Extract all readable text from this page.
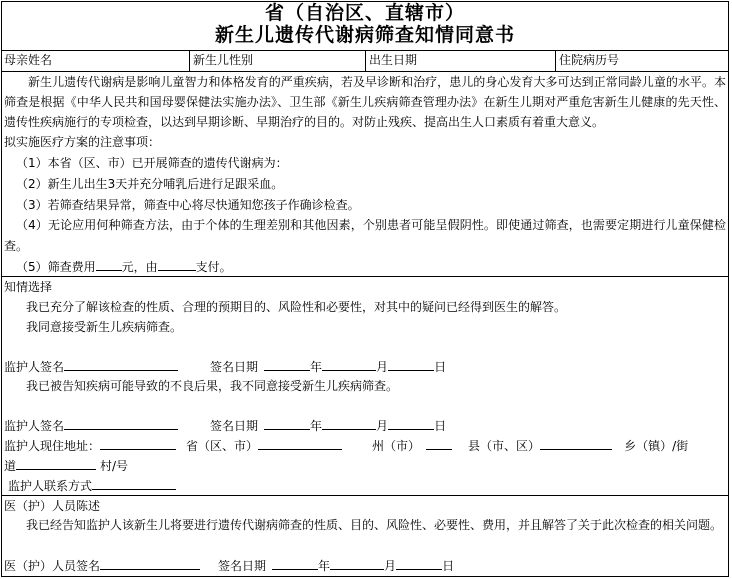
省（自治区、直辖市）
新生儿遗传代谢病筛查知情同意书
母亲姓名	新生儿性别	出生日期	住院病历号
新生儿遗传代谢病是影响儿童智力和体格发育的严重疾病，若及早诊断和治疗，患儿的身心发育大多可达到正常同龄儿童的水平。本筛查是根据《中华人民共和国母婴保健法实施办法》、卫生部《新生儿疾病筛查管理办法》在新生儿期对严重危害新生儿健康的先天性、遗传性疾病施行的专项检查，以达到早期诊断、早期治疗的目的。对防止残疾、提高出生人口素质有着重大意义。
拟实施医疗方案的注意事项：
（1）本省（区、市）已开展筛查的遗传代谢病为：
（2）新生儿出生3天并充分哺乳后进行足跟采血。
（3）若筛查结果异常，筛查中心将尽快通知您孩子作确诊检查。
（4）无论应用何种筛查方法，由于个体的生理差别和其他因素，个别患者可能呈假阴性。即使通过筛查，也需要定期进行儿童保健检查。
（5）筛查费用 元，由	支付。
知情选择
我已充分了解该检查的性质、合理的预期目的、风险性和必要性，对其中的疑问已经得到医生的解答。
我同意接受新生儿疾病筛查。
监护人签名	签名日期	年	月	日
我已被告知疾病可能导致的不良后果，我不同意接受新生儿疾病筛查。
监护人签名	签名日期	年	月	日
监护人现住地址：	省（区、市）	州（市）	县（市、区）	乡（镇）/街
道	村/号
监护人联系方式
医（护）人员陈述
我已经告知监护人该新生儿将要进行遗传代谢病筛查的性质、目的、风险性、必要性、费用，并且解答了关于此次检查的相关问题。
医（护）人员签名	签名日期	年	月	日
